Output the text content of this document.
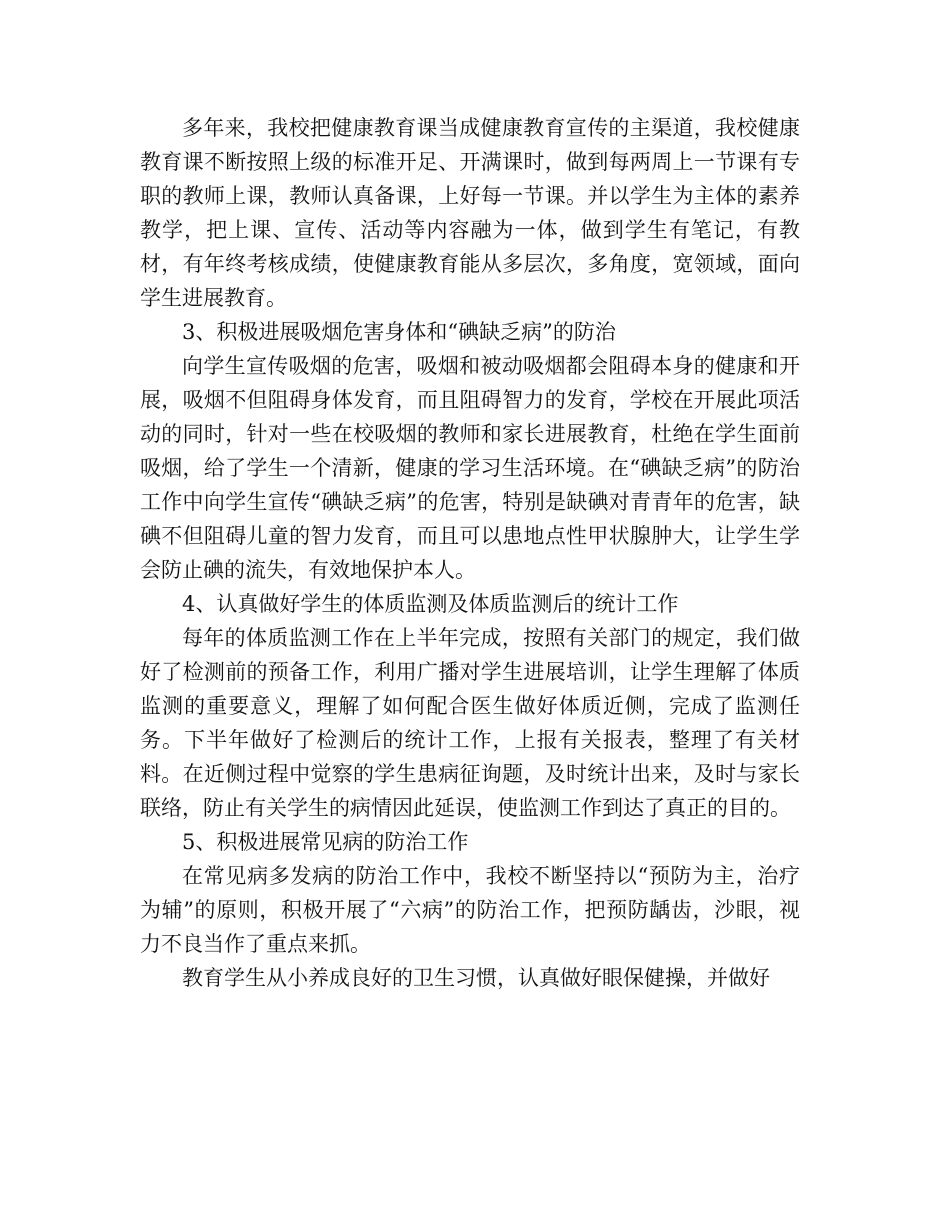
多年来，我校把健康教育课当成健康教育宣传的主渠道，我校健康教育课不断按照上级的标准开足、开满课时，做到每两周上一节课有专职的教师上课，教师认真备课，上好每一节课。并以学生为主体的素养教学，把上课、宣传、活动等内容融为一体，做到学生有笔记，有教材，有年终考核成绩，使健康教育能从多层次，多角度，宽领域，面向学生进展教育。

3、积极进展吸烟危害身体和“碘缺乏病”的防治

向学生宣传吸烟的危害，吸烟和被动吸烟都会阻碍本身的健康和开展，吸烟不但阻碍身体发育，而且阻碍智力的发育，学校在开展此项活动的同时，针对一些在校吸烟的教师和家长进展教育，杜绝在学生面前吸烟，给了学生一个清新，健康的学习生活环境。在“碘缺乏病”的防治工作中向学生宣传“碘缺乏病”的危害，特别是缺碘对青青年的危害，缺碘不但阻碍儿童的智力发育，而且可以患地点性甲状腺肿大，让学生学会防止碘的流失，有效地保护本人。

4、认真做好学生的体质监测及体质监测后的统计工作

每年的体质监测工作在上半年完成，按照有关部门的规定，我们做好了检测前的预备工作，利用广播对学生进展培训，让学生理解了体质监测的重要意义，理解了如何配合医生做好体质近侧，完成了监测任务。下半年做好了检测后的统计工作，上报有关报表，整理了有关材料。在近侧过程中觉察的学生患病征询题，及时统计出来，及时与家长联络，防止有关学生的病情因此延误，使监测工作到达了真正的目的。

5、积极进展常见病的防治工作

在常见病多发病的防治工作中，我校不断坚持以“预防为主，治疗为辅”的原则，积极开展了“六病”的防治工作，把预防龋齿，沙眼，视力不良当作了重点来抓。

教育学生从小养成良好的卫生习惯，认真做好眼保健操，并做好
